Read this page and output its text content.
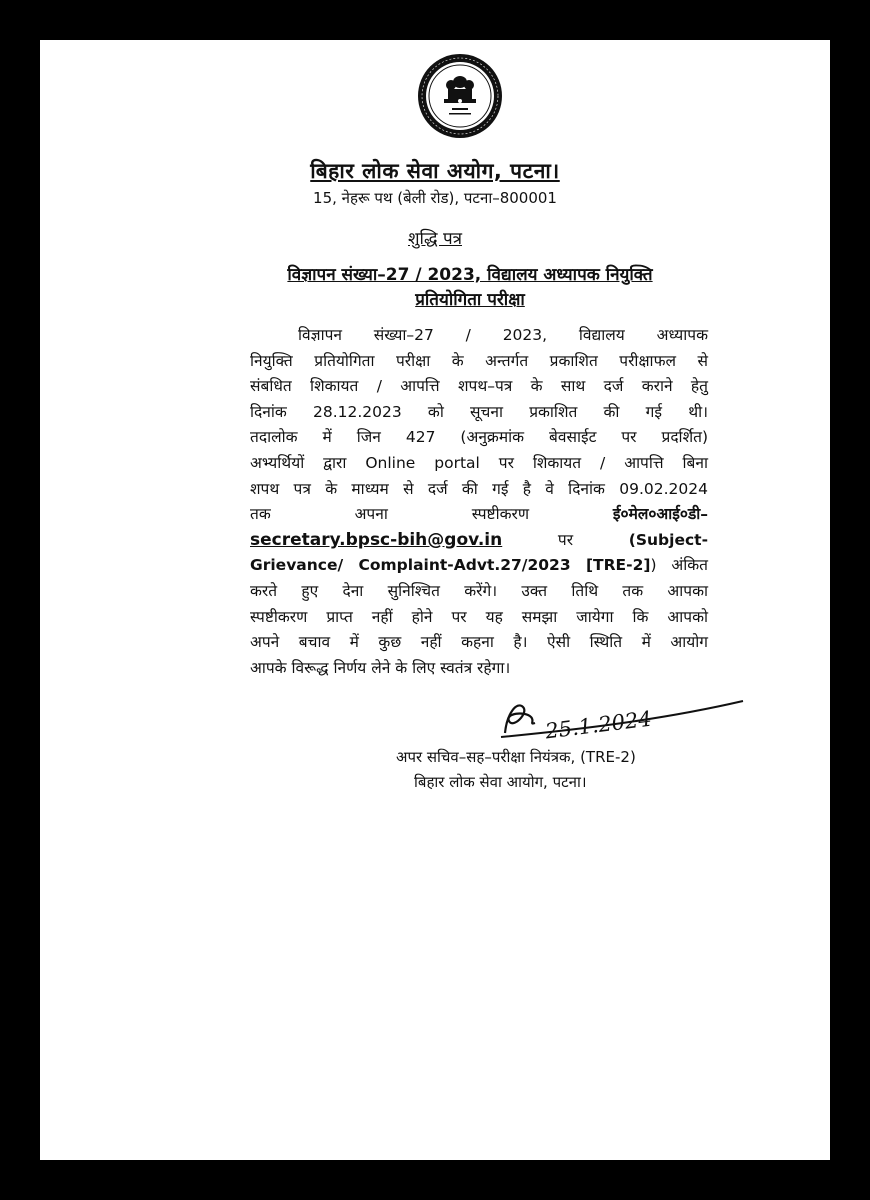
बिहार लोक सेवा अयोग, पटना।
15, नेहरू पथ (बेली रोड), पटना–800001
शुद्धि पत्र
विज्ञापन संख्या–27 / 2023, विद्यालय अध्यापक नियुक्ति
प्रतियोगिता परीक्षा
विज्ञापन संख्या–27 / 2023, विद्यालय अध्यापक
नियुक्ति प्रतियोगिता परीक्षा के अन्तर्गत प्रकाशित परीक्षाफल से
संबधित शिकायत / आपत्ति शपथ–पत्र के साथ दर्ज कराने हेतु
दिनांक 28.12.2023 को सूचना प्रकाशित की गई थी।
तदालोक में जिन 427 (अनुक्रमांक बेवसाईट पर प्रदर्शित)
अभ्यर्थियों द्वारा Online portal पर शिकायत / आपत्ति बिना
शपथ पत्र के माध्यम से दर्ज की गई है वे दिनांक 09.02.2024
तक अपना स्पष्टीकरण	ई०मेल०आई०डी–
secretary.bpsc-bih@gov.in	पर	(Subject-
Grievance/ Complaint-Advt.27/2023 [TRE-2]) अंकित
करते हुए देना सुनिश्चित करेंगे। उक्त तिथि तक आपका
स्पष्टीकरण प्राप्त नहीं होने पर यह समझा जायेगा कि आपको
अपने बचाव में कुछ नहीं कहना है। ऐसी स्थिति में आयोग
आपके विरूद्ध निर्णय लेने के लिए स्वतंत्र रहेगा।
25.1.2024
अपर सचिव–सह–परीक्षा नियंत्रक, (TRE-2)
बिहार लोक सेवा आयोग, पटना।
